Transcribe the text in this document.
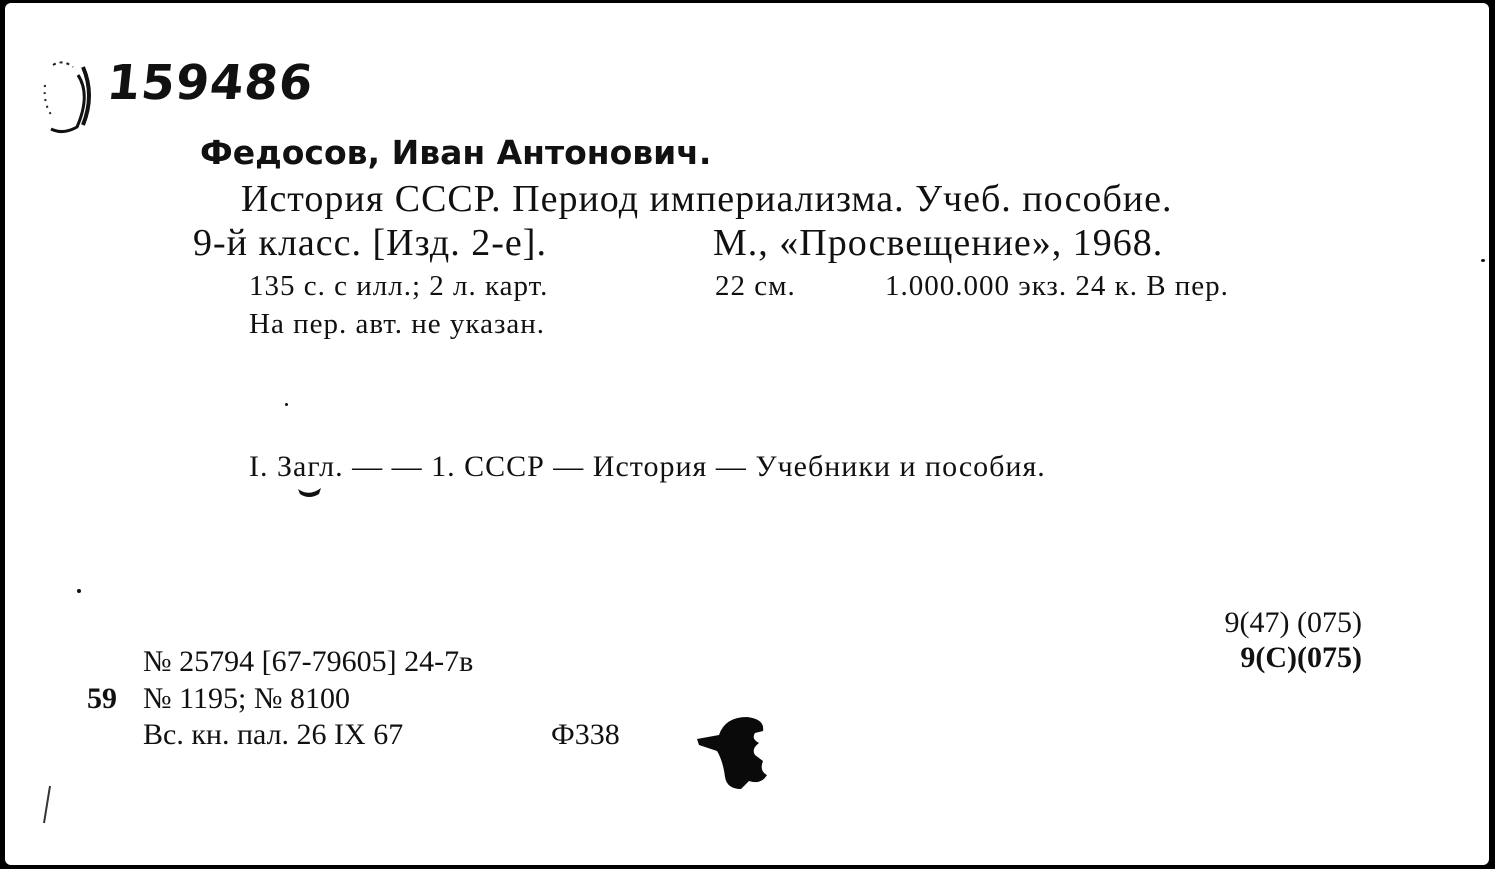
159486
Федосов, Иван Антонович.
История СССР. Период империализма. Учеб. пособие.
9-й класс. [Изд. 2-е].	М., «Просвещение», 1968.
135 с. с илл.; 2 л. карт.	22 см.	1.000.000 экз. 24 к. В пер.
На пер. авт. не указан.
I. Загл. — — 1. СССР — История — Учебники и пособия.
9(47) (075)
9(С)(075)
№ 25794 [67-79605] 24-7в
59 № 1195; № 8100
Вс. кн. пал. 26 IX 67	Ф338
